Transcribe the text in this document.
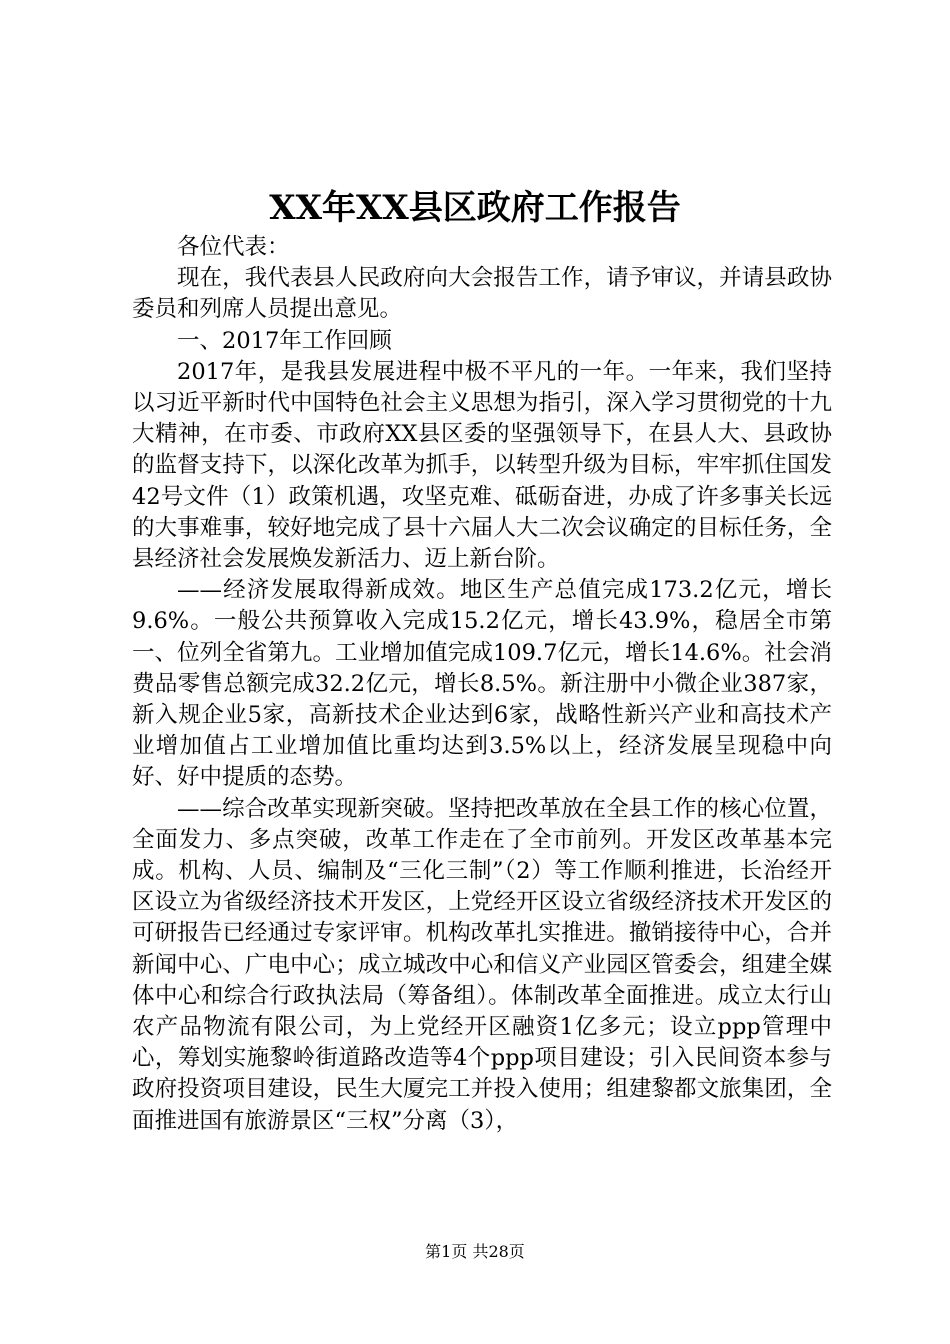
XX年XX县区政府工作报告

各位代表：

现在，我代表县人民政府向大会报告工作，请予审议，并请县政协委员和列席人员提出意见。

一、2017年工作回顾

2017年，是我县发展进程中极不平凡的一年。一年来，我们坚持以习近平新时代中国特色社会主义思想为指引，深入学习贯彻党的十九大精神，在市委、市政府XX县区委的坚强领导下，在县人大、县政协的监督支持下，以深化改革为抓手，以转型升级为目标，牢牢抓住国发42号文件（1）政策机遇，攻坚克难、砥砺奋进，办成了许多事关长远的大事难事，较好地完成了县十六届人大二次会议确定的目标任务，全县经济社会发展焕发新活力、迈上新台阶。

——经济发展取得新成效。地区生产总值完成173.2亿元，增长9.6%。一般公共预算收入完成15.2亿元，增长43.9%，稳居全市第一、位列全省第九。工业增加值完成109.7亿元，增长14.6%。社会消费品零售总额完成32.2亿元，增长8.5%。新注册中小微企业387家，新入规企业5家，高新技术企业达到6家，战略性新兴产业和高技术产业增加值占工业增加值比重均达到3.5%以上，经济发展呈现稳中向好、好中提质的态势。

——综合改革实现新突破。坚持把改革放在全县工作的核心位置，全面发力、多点突破，改革工作走在了全市前列。开发区改革基本完成。机构、人员、编制及“三化三制”（2）等工作顺利推进，长治经开区设立为省级经济技术开发区，上党经开区设立省级经济技术开发区的可研报告已经通过专家评审。机构改革扎实推进。撤销接待中心，合并新闻中心、广电中心；成立城改中心和信义产业园区管委会，组建全媒体中心和综合行政执法局（筹备组）。体制改革全面推进。成立太行山农产品物流有限公司，为上党经开区融资1亿多元；设立ppp管理中心，筹划实施黎岭街道路改造等4个ppp项目建设；引入民间资本参与政府投资项目建设，民生大厦完工并投入使用；组建黎都文旅集团，全面推进国有旅游景区“三权”分离（3），

第1页 共28页
